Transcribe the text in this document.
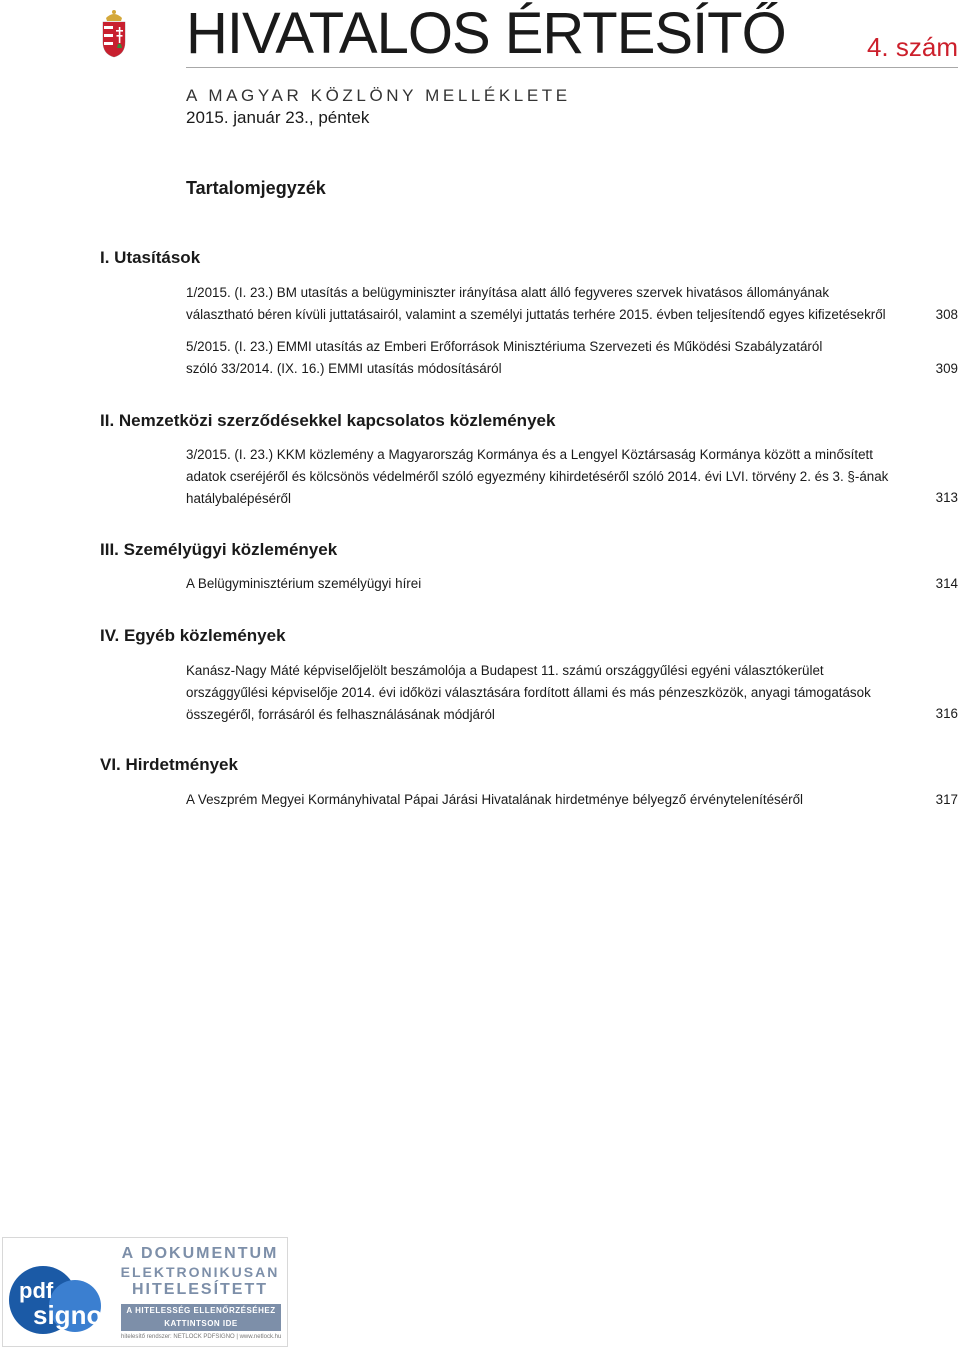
HIVATALOS ÉRTESÍTŐ	4. szám
A MAGYAR KÖZLÖNY MELLÉKLETE
2015. január 23., péntek
Tartalomjegyzék
I. Utasítások
1/2015. (I. 23.) BM utasítás a belügyminiszter irányítása alatt álló fegyveres szervek hivatásos állományának
választható béren kívüli juttatásairól, valamint a személyi juttatás terhére 2015. évben teljesítendő egyes kifizetésekről	308
5/2015. (I. 23.) EMMI utasítás az Emberi Erőforrások Minisztériuma Szervezeti és Működési Szabályzatáról
szóló 33/2014. (IX. 16.) EMMI utasítás módosításáról	309
II. Nemzetközi szerződésekkel kapcsolatos közlemények
3/2015. (I. 23.) KKM közlemény a Magyarország Kormánya és a Lengyel Köztársaság Kormánya között a minősített
adatok cseréjéről és kölcsönös védelméről szóló egyezmény kihirdetéséről szóló 2014. évi LVI. törvény 2. és 3. §-ának
hatálybalépéséről	313
III. Személyügyi közlemények
A Belügyminisztérium személyügyi hírei	314
IV. Egyéb közlemények
Kanász-Nagy Máté képviselőjelölt beszámolója a Budapest 11. számú országgyűlési egyéni választókerület
országgyűlési képviselője 2014. évi időközi választására fordított állami és más pénzeszközök, anyagi támogatások
összegéről, forrásáról és felhasználásának módjáról	316
VI. Hirdetmények
A Veszprém Megyei Kormányhivatal Pápai Járási Hivatalának hirdetménye bélyegző érvénytelenítéséről	317
pdf
signo
A DOKUMENTUM
ELEKTRONIKUSAN
HITELESÍTETT
A HITELESSÉG ELLENŐRZÉSÉHEZ
KATTINTSON IDE
hitelesítő rendszer: NETLOCK PDFSIGNO | www.netlock.hu
